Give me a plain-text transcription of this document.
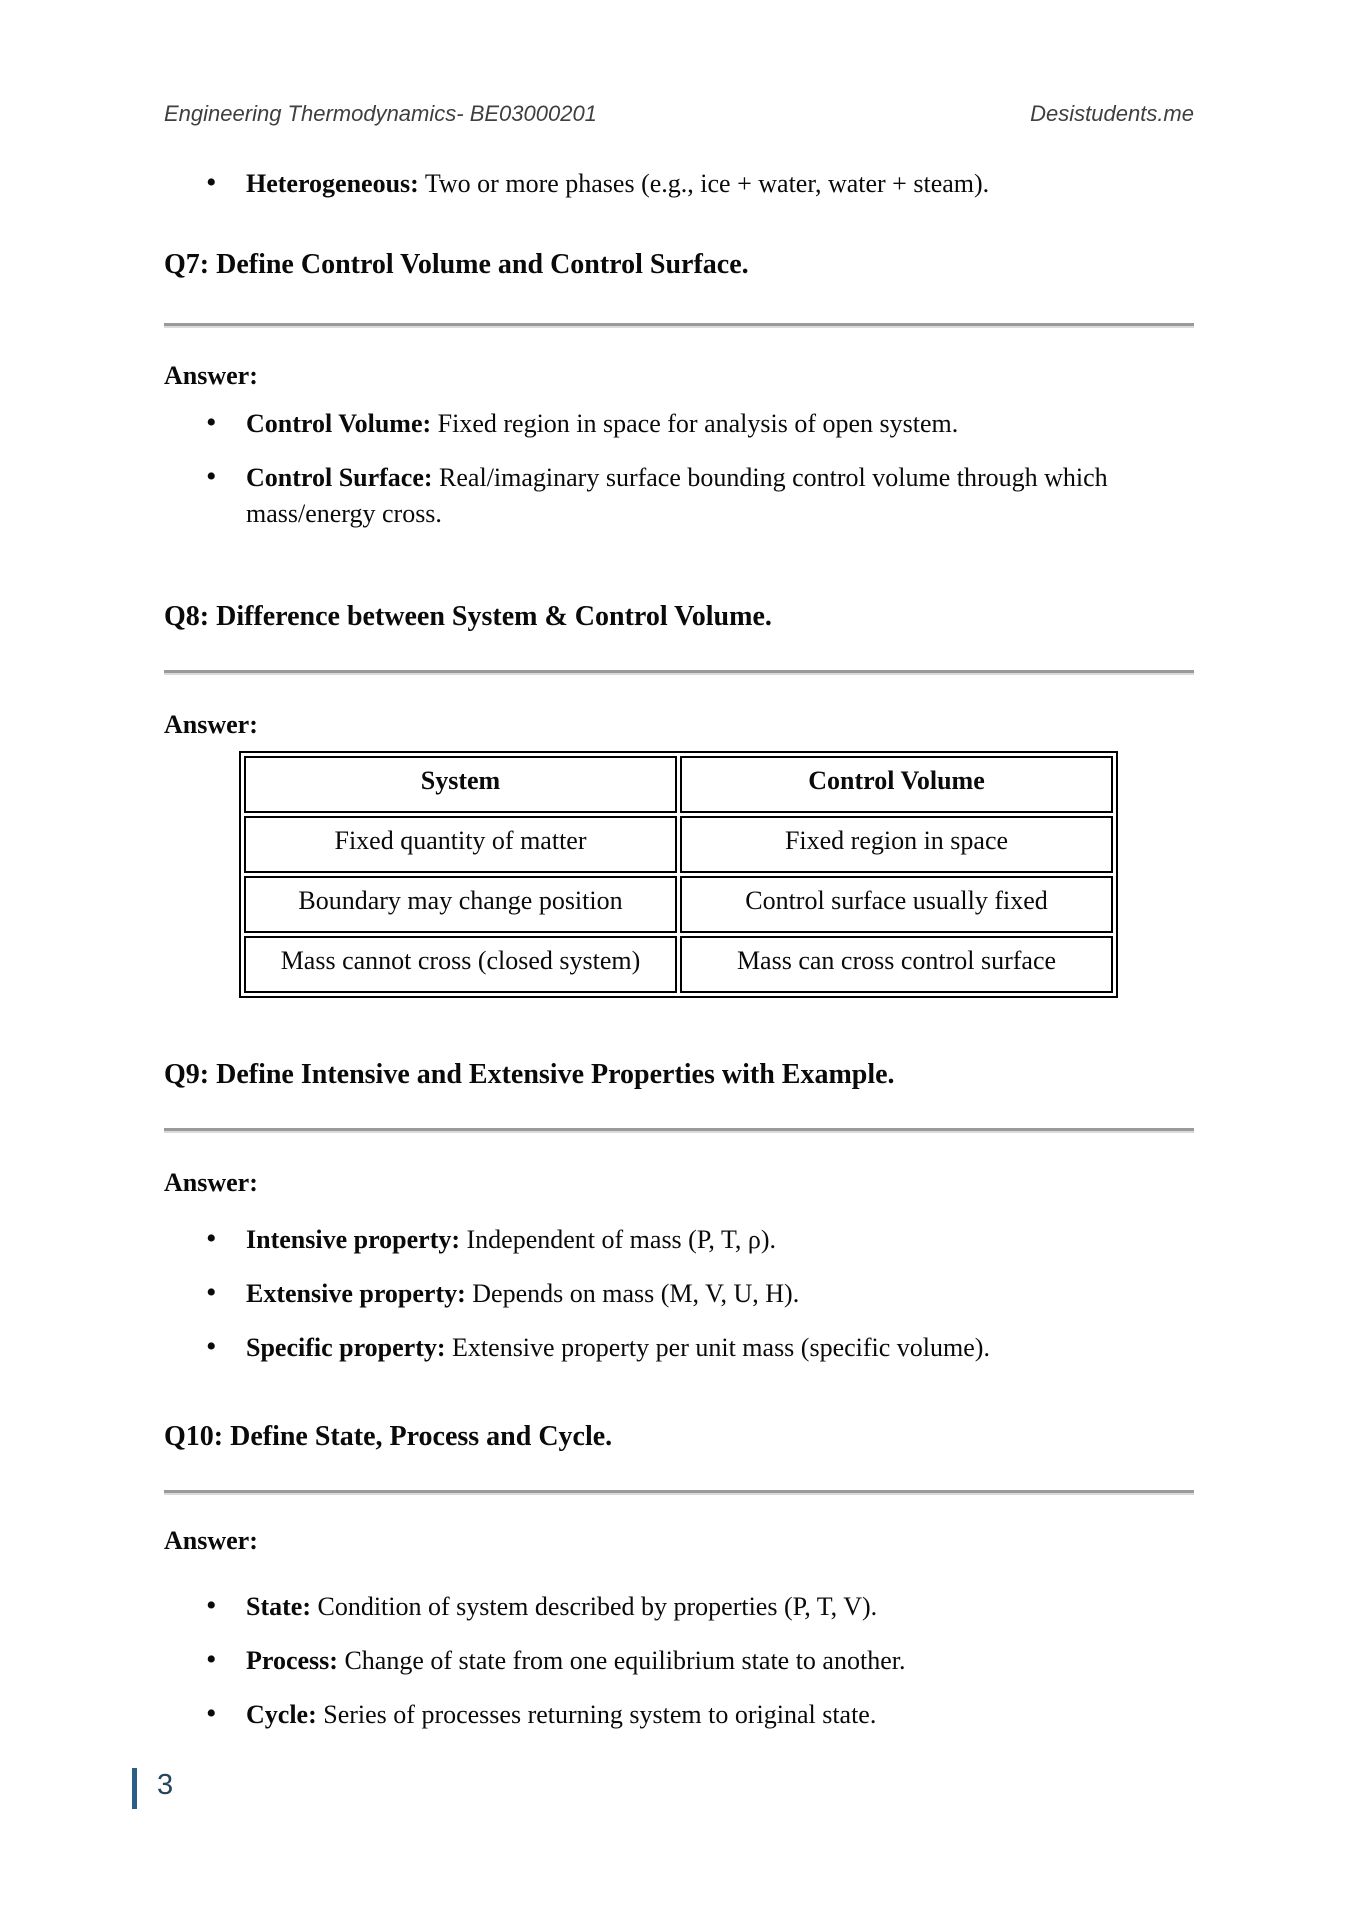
Engineering Thermodynamics- BE03000201	Desistudents.me
• Heterogeneous: Two or more phases (e.g., ice + water, water + steam).
Q7: Define Control Volume and Control Surface.
Answer:
• Control Volume: Fixed region in space for analysis of open system.
• Control Surface: Real/imaginary surface bounding control volume through which mass/energy cross.
Q8: Difference between System & Control Volume.
Answer:
System	Control Volume
Fixed quantity of matter	Fixed region in space
Boundary may change position	Control surface usually fixed
Mass cannot cross (closed system)	Mass can cross control surface
Q9: Define Intensive and Extensive Properties with Example.
Answer:
• Intensive property: Independent of mass (P, T, ρ).
• Extensive property: Depends on mass (M, V, U, H).
• Specific property: Extensive property per unit mass (specific volume).
Q10: Define State, Process and Cycle.
Answer:
• State: Condition of system described by properties (P, T, V).
• Process: Change of state from one equilibrium state to another.
• Cycle: Series of processes returning system to original state.
3
